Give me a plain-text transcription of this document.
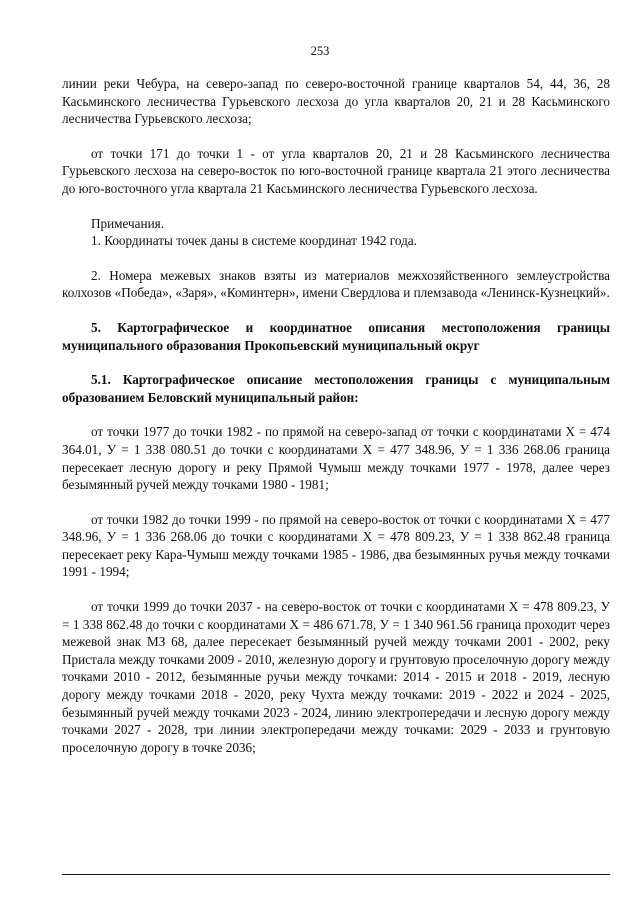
253

линии реки Чебура, на северо-запад по северо-восточной границе кварталов 54, 44, 36, 28 Касьминского лесничества Гурьевского лесхоза до угла кварталов 20, 21 и 28 Касьминского лесничества Гурьевского лесхоза;

от точки 171 до точки 1 - от угла кварталов 20, 21 и 28 Касьминского лесничества Гурьевского лесхоза на северо-восток по юго-восточной границе квартала 21 этого лесничества до юго-восточного угла квартала 21 Касьминского лесничества Гурьевского лесхоза.

Примечания.

1. Координаты точек даны в системе координат 1942 года.

2. Номера межевых знаков взяты из материалов межхозяйственного землеустройства колхозов «Победа», «Заря», «Коминтерн», имени Свердлова и племзавода «Ленинск-Кузнецкий».

5. Картографическое и координатное описания местоположения границы муниципального образования Прокопьевский муниципальный округ

5.1. Картографическое описание местоположения границы с муниципальным образованием Беловский муниципальный район:

от точки 1977 до точки 1982 - по прямой на северо-запад от точки с координатами X = 474 364.01, У = 1 338 080.51 до точки с координатами X = 477 348.96, У = 1 336 268.06 граница пересекает лесную дорогу и реку Прямой Чумыш между точками 1977 - 1978, далее через безымянный ручей между точками 1980 - 1981;

от точки 1982 до точки 1999 - по прямой на северо-восток от точки с координатами X = 477 348.96, У = 1 336 268.06 до точки с координатами X = 478 809.23, У = 1 338 862.48 граница пересекает реку Кара-Чумыш между точками 1985 - 1986, два безымянных ручья между точками 1991 - 1994;

от точки 1999 до точки 2037 - на северо-восток от точки с координатами X = 478 809.23, У = 1 338 862.48 до точки с координатами X = 486 671.78, У = 1 340 961.56 граница проходит через межевой знак МЗ 68, далее пересекает безымянный ручей между точками 2001 - 2002, реку Пристала между точками 2009 - 2010, железную дорогу и грунтовую проселочную дорогу между точками 2010 - 2012, безымянные ручьи между точками: 2014 - 2015 и 2018 - 2019, лесную дорогу между точками 2018 - 2020, реку Чухта между точками: 2019 - 2022 и 2024 - 2025, безымянный ручей между точками 2023 - 2024, линию электропередачи и лесную дорогу между точками 2027 - 2028, три линии электропередачи между точками: 2029 - 2033 и грунтовую проселочную дорогу в точке 2036;
